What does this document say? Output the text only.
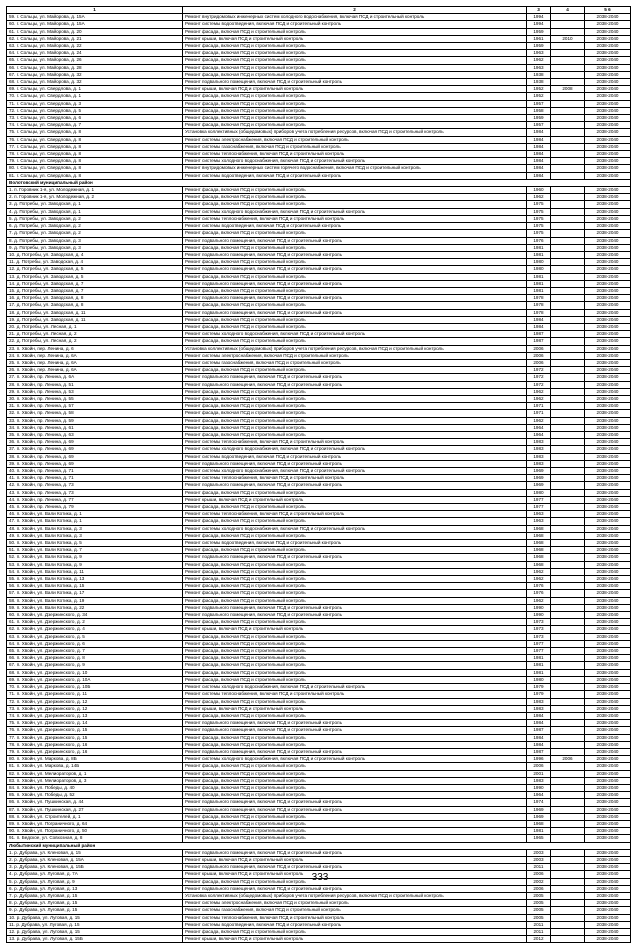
1	2	3	4	5 6
59. г. Сольцы, ул. Майорова, д. 15А	Ремонт внутридомовых инженерных систем холодного водоснабжения, включая ПСД и строительный контроль	1994		2038-2040
60. г. Сольцы, ул. Майорова, д. 15А	Ремонт системы водоотведения, включая ПСД и строительный контроль	1994		2038-2040
61. г. Сольцы, ул. Майорова, д. 20	Ремонт фасада, включая ПСД и строительный контроль	1959		2038-2040
62. г. Сольцы, ул. Майорова, д. 21	Ремонт крыши, включая ПСД и строительный контроль	1961	2010	2038-2040
63. г. Сольцы, ул. Майорова, д. 22	Ремонт фасада, включая ПСД и строительный контроль	1959		2038-2040
64. г. Сольцы, ул. Майорова, д. 24	Ремонт фасада, включая ПСД и строительный контроль	1963		2038-2040
65. г. Сольцы, ул. Майорова, д. 26	Ремонт фасада, включая ПСД и строительный контроль	1962		2038-2040
66. г. Сольцы, ул. Майорова, д. 28	Ремонт фасада, включая ПСД и строительный контроль	1963		2038-2040
67. г. Сольцы, ул. Майорова, д. 32	Ремонт фасада, включая ПСД и строительный контроль	1938		2038-2040
68. г. Сольцы, ул. Майорова, д. 32	Ремонт подвального помещения, включая ПСД и строительный контроль	1938		2038-2040
69. г. Сольцы, ул. Свердлова, д. 1	Ремонт крыши, включая ПСД и строительный контроль	1952	2008	2038-2040
70. г. Сольцы, ул. Свердлова, д. 1	Ремонт фасада, включая ПСД и строительный контроль	1952		2038-2040
71. г. Сольцы, ул. Свердлова, д. 3	Ремонт фасада, включая ПСД и строительный контроль	1957		2038-2040
72. г. Сольцы, ул. Свердлова, д. 5	Ремонт фасада, включая ПСД и строительный контроль	1958		2038-2040
73. г. Сольцы, ул. Свердлова, д. 6	Ремонт фасада, включая ПСД и строительный контроль	1959		2038-2040
74. г. Сольцы, ул. Свердлова, д. 7	Ремонт фасада, включая ПСД и строительный контроль	1957		2038-2040
75. г. Сольцы, ул. Свердлова, д. 8	Установка коллективных (общедомовых) приборов учета потребления ресурсов, включая ПСД и строительный контроль	1984		2038-2040
76. г. Сольцы, ул. Свердлова, д. 8	Ремонт системы электроснабжения, включая ПСД и строительный контроль	1984		2038-2040
77. г. Сольцы, ул. Свердлова, д. 8	Ремонт системы газоснабжения, включая ПСД и строительный контроль	1984		2038-2040
78. г. Сольцы, ул. Свердлова, д. 8	Ремонт системы теплоснабжения, включая ПСД и строительный контроль	1984		2038-2040
79. г. Сольцы, ул. Свердлова, д. 8	Ремонт системы холодного водоснабжения, включая ПСД и строительный контроль	1984		2038-2040
80. г. Сольцы, ул. Свердлова, д. 8	Ремонт внутридомовых инженерных систем горячего водоснабжения, включая ПСД и строительный контроль	1984		2038-2040
81. г. Сольцы, ул. Свердлова, д. 8	Ремонт системы водоотведения, включая ПСД и строительный контроль	1984		2038-2040
Волотовский муниципальный район				
1. п. Горовник 1-я, ул. Молодежная, д. 1	Ремонт фасада, включая ПСД и строительный контроль	1960		2038-2040
2. п. Горовник 1-я, ул. Молодежная, д. 2	Ремонт фасада, включая ПСД и строительный контроль	1962		2038-2040
3. д. Потребы, ул. Заводская, д. 1	Ремонт фасада, включая ПСД и строительный контроль	1975		2038-2040
4. д. Потребы, ул. Заводская, д. 1	Ремонт системы холодного водоснабжения, включая ПСД и строительный контроль	1975		2038-2040
5. д. Потребы, ул. Заводская, д. 2	Ремонт системы теплоснабжения, включая ПСД и строительный контроль	1975		2038-2040
6. д. Потребы, ул. Заводская, д. 2	Ремонт системы водоотведения, включая ПСД и строительный контроль	1975		2038-2040
7. д. Потребы, ул. Заводская, д. 2	Ремонт фасада, включая ПСД и строительный контроль	1975		2038-2040
8. д. Потребы, ул. Заводская, д. 3	Ремонт подвального помещения, включая ПСД и строительный контроль	1976		2038-2040
9. д. Потребы, ул. Заводская, д. 3	Ремонт фасада, включая ПСД и строительный контроль	1981		2038-2040
10. д. Потребы, ул. Заводская, д. 4	Ремонт подвального помещения, включая ПСД и строительный контроль	1981		2038-2040
11. д. Потребы, ул. Заводская, д. 4	Ремонт фасада, включая ПСД и строительный контроль	1980		2038-2040
12. д. Потребы, ул. Заводская, д. 5	Ремонт подвального помещения, включая ПСД и строительный контроль	1980		2038-2040
13. д. Потребы, ул. Заводская, д. 5	Ремонт фасада, включая ПСД и строительный контроль	1981		2038-2040
14. д. Потребы, ул. Заводская, д. 7	Ремонт подвального помещения, включая ПСД и строительный контроль	1981		2038-2040
15. д. Потребы, ул. Заводская, д. 7	Ремонт фасада, включая ПСД и строительный контроль	1981		2038-2040
16. д. Потребы, ул. Заводская, д. 8	Ремонт подвального помещения, включая ПСД и строительный контроль	1978		2038-2040
17. д. Потребы, ул. Заводская, д. 8	Ремонт фасада, включая ПСД и строительный контроль	1978		2038-2040
18. д. Потребы, ул. Заводская, д. 11	Ремонт подвального помещения, включая ПСД и строительный контроль	1978		2038-2040
19. д. Потребы, ул. Заводская, д. 11	Ремонт фасада, включая ПСД и строительный контроль	1984		2038-2040
20. д. Потребы, ул. Лесная, д. 1	Ремонт фасада, включая ПСД и строительный контроль	1984		2038-2040
21. д. Потребы, ул. Лесная, д. 2	Ремонт системы холодного водоснабжения, включая ПСД и строительный контроль	1987		2038-2040
22. д. Потребы, ул. Лесная, д. 2	Ремонт фасада, включая ПСД и строительный контроль	1987		2038-2040
23. п. Хвойн, пер. Ленина, д. 6	Установка коллективных (общедомовых) приборов учета потребления ресурсов, включая ПСД и строительный контроль	2006		2038-2040
24. п. Хвойн, пер. Ленина, д. 6А	Ремонт системы электроснабжения, включая ПСД и строительный контроль	2006		2038-2040
25. п. Хвойн, пер. Ленина, д. 6А	Ремонт системы газоснабжения, включая ПСД и строительный контроль	2006		2038-2040
26. п. Хвойн, пер. Ленина, д. 6А	Ремонт фасада, включая ПСД и строительный контроль	1972		2038-2040
27. п. Хвойн, пр. Ленина, д. 6А	Ремонт подвального помещения, включая ПСД и строительный контроль	1972		2038-2040
28. п. Хвойн, пр. Ленина, д. 51	Ремонт подвального помещения, включая ПСД и строительный контроль	1972		2038-2040
29. п. Хвойн, пр. Ленина, д. 53	Ремонт фасада, включая ПСД и строительный контроль	1962		2038-2040
30. п. Хвойн, пр. Ленина, д. 55	Ремонт фасада, включая ПСД и строительный контроль	1962		2038-2040
31. п. Хвойн, пр. Ленина, д. 57	Ремонт фасада, включая ПСД и строительный контроль	1971		2038-2040
32. п. Хвойн, пр. Ленина, д. 58	Ремонт фасада, включая ПСД и строительный контроль	1971		2038-2040
33. п. Хвойн, пр. Ленина, д. 59	Ремонт фасада, включая ПСД и строительный контроль	1962		2038-2040
34. п. Хвойн, пр. Ленина, д. 61	Ремонт фасада, включая ПСД и строительный контроль	1964		2038-2040
35. п. Хвойн, пр. Ленина, д. 63	Ремонт фасада, включая ПСД и строительный контроль	1964		2038-2040
36. п. Хвойн, пр. Ленина, д. 69	Ремонт системы теплоснабжения, включая ПСД и строительный контроль	1983		2038-2040
37. п. Хвойн, пр. Ленина, д. 69	Ремонт системы холодного водоснабжения, включая ПСД и строительный контроль	1983		2038-2040
38. п. Хвойн, пр. Ленина, д. 69	Ремонт системы водоотведения, включая ПСД и строительный контроль	1983		2038-2040
39. п. Хвойн, пр. Ленина, д. 69	Ремонт подвального помещения, включая ПСД и строительный контроль	1983		2038-2040
40. п. Хвойн, пр. Ленина, д. 71	Ремонт системы холодного водоснабжения, включая ПСД и строительный контроль	1969		2038-2040
41. п. Хвойн, пр. Ленина, д. 71	Ремонт системы теплоснабжения, включая ПСД и строительный контроль	1969		2038-2040
42. п. Хвойн, пр. Ленина, д. 73	Ремонт подвального помещения, включая ПСД и строительный контроль	1969		2038-2040
43. п. Хвойн, пр. Ленина, д. 73	Ремонт фасада, включая ПСД и строительный контроль	1980		2038-2040
44. п. Хвойн, пр. Ленина, д. 77	Ремонт крыши, включая ПСД и строительный контроль	1977		2038-2040
45. п. Хвойн, пр. Ленина, д. 79	Ремонт фасада, включая ПСД и строительный контроль	1977		2038-2040
46. п. Хвойн, ул. Вали Котика, д. 1	Ремонт системы теплоснабжения, включая ПСД и строительный контроль	1963		2038-2040
47. п. Хвойн, ул. Вали Котика, д. 1	Ремонт фасада, включая ПСД и строительный контроль	1963		2038-2040
48. п. Хвойн, ул. Вали Котика, д. 3	Ремонт системы холодного водоснабжения, включая ПСД и строительный контроль	1968		2038-2040
49. п. Хвойн, ул. Вали Котика, д. 3	Ремонт фасада, включая ПСД и строительный контроль	1968		2038-2040
50. п. Хвойн, ул. Вали Котика, д. 5	Ремонт системы водоотведения, включая ПСД и строительный контроль	1968		2038-2040
51. п. Хвойн, ул. Вали Котика, д. 7	Ремонт фасада, включая ПСД и строительный контроль	1968		2038-2040
52. п. Хвойн, ул. Вали Котика, д. 9	Ремонт подвального помещения, включая ПСД и строительный контроль	1968		2038-2040
53. п. Хвойн, ул. Вали Котика, д. 9	Ремонт фасада, включая ПСД и строительный контроль	1968		2038-2040
54. п. Хвойн, ул. Вали Котика, д. 11	Ремонт фасада, включая ПСД и строительный контроль	1962		2038-2040
55. п. Хвойн, ул. Вали Котика, д. 13	Ремонт фасада, включая ПСД и строительный контроль	1962		2038-2040
56. п. Хвойн, ул. Вали Котика, д. 15	Ремонт фасада, включая ПСД и строительный контроль	1976		2038-2040
57. п. Хвойн, ул. Вали Котика, д. 17	Ремонт фасада, включая ПСД и строительный контроль	1976		2038-2040
58. п. Хвойн, ул. Вали Котика, д. 19	Ремонт фасада, включая ПСД и строительный контроль	1962		2038-2040
59. п. Хвойн, ул. Вали Котика, д. 22	Ремонт подвального помещения, включая ПСД и строительный контроль	1990		2038-2040
60. п. Хвойн, ул. Дзержинского, д. 34	Ремонт подвального помещения, включая ПСД и строительный контроль	1990		2038-2040
61. п. Хвойн, ул. Дзержинского, д. 2	Ремонт фасада, включая ПСД и строительный контроль	1973		2038-2040
62. п. Хвойн, ул. Дзержинского, д. 4	Ремонт крыши, включая ПСД и строительный контроль	1973		2038-2040
63. п. Хвойн, ул. Дзержинского, д. 5	Ремонт фасада, включая ПСД и строительный контроль	1973		2038-2040
64. п. Хвойн, ул. Дзержинского, д. 6	Ремонт фасада, включая ПСД и строительный контроль	1977		2038-2040
65. п. Хвойн, ул. Дзержинского, д. 7	Ремонт фасада, включая ПСД и строительный контроль	1977		2038-2040
66. п. Хвойн, ул. Дзержинского, д. 8	Ремонт фасада, включая ПСД и строительный контроль	1981		2038-2040
67. п. Хвойн, ул. Дзержинского, д. 9	Ремонт фасада, включая ПСД и строительный контроль	1981		2038-2040
68. п. Хвойн, ул. Дзержинского, д. 10	Ремонт фасада, включая ПСД и строительный контроль	1981		2038-2040
69. п. Хвойн, ул. Дзержинского, д. 10А	Ремонт фасада, включая ПСД и строительный контроль	1980		2038-2040
70. п. Хвойн, ул. Дзержинского, д. 10Б	Ремонт системы холодного водоснабжения, включая ПСД и строительный контроль	1979		2038-2040
71. п. Хвойн, ул. Дзержинского, д. 11	Ремонт системы теплоснабжения, включая ПСД и строительный контроль	1979		2038-2040
72. п. Хвойн, ул. Дзержинского, д. 12	Ремонт фасада, включая ПСД и строительный контроль	1983		2038-2040
73. п. Хвойн, ул. Дзержинского, д. 12	Ремонт крыши, включая ПСД и строительный контроль	1983		2038-2040
74. п. Хвойн, ул. Дзержинского, д. 13	Ремонт фасада, включая ПСД и строительный контроль	1984		2038-2040
75. п. Хвойн, ул. Дзержинского, д. 14	Ремонт подвального помещения, включая ПСД и строительный контроль	1984		2038-2040
76. п. Хвойн, ул. Дзержинского, д. 15	Ремонт подвального помещения, включая ПСД и строительный контроль	1987		2038-2040
77. п. Хвойн, ул. Дзержинского, д. 15	Ремонт фасада, включая ПСД и строительный контроль	1984		2038-2040
78. п. Хвойн, ул. Дзержинского, д. 16	Ремонт фасада, включая ПСД и строительный контроль	1984		2038-2040
79. п. Хвойн, ул. Дзержинского, д. 16	Ремонт подвального помещения, включая ПСД и строительный контроль	1987		2038-2040
80. п. Хвойн, ул. Маркова, д. 8Б	Ремонт системы холодного водоснабжения, включая ПСД и строительный контроль	1996	2006	2038-2040
81. п. Хвойн, ул. Маркова, д. 14Б	Ремонт фасада, включая ПСД и строительный контроль	2006		2038-2040
82. п. Хвойн, ул. Мелиораторов, д. 1	Ремонт фасада, включая ПСД и строительный контроль	2001		2038-2040
83. п. Хвойн, ул. Мелиораторов, д. 3	Ремонт фасада, включая ПСД и строительный контроль	1983		2038-2040
84. п. Хвойн, ул. Победы, д. 40	Ремонт фасада, включая ПСД и строительный контроль	1990		2038-2040
85. п. Хвойн, ул. Победы, д. 52	Ремонт фасада, включая ПСД и строительный контроль	1964		2038-2040
86. п. Хвойн, ул. Пушкинская, д. 44	Ремонт подвального помещения, включая ПСД и строительный контроль	1974		2038-2040
87. п. Хвойн, ул. Пушкинская, д. 27	Ремонт подвального помещения, включая ПСД и строительный контроль	1969		2038-2040
88. п. Хвойн, ул. Строителей, д. 1	Ремонт фасада, включая ПСД и строительный контроль	1969		2038-2040
89. п. Хвойн, ул. Пограничного, д. 64	Ремонт фасада, включая ПСД и строительный контроль	1968		2038-2040
90. п. Хвойн, ул. Пограничного, д. 50	Ремонт фасада, включая ПСД и строительный контроль	1981		2038-2040
91. п. Бедское, ул. Совхозная, д. 8	Ремонт фасада, включая ПСД и строительный контроль	1965		2038-2040
Любытинский муниципальный район				
1. р. Дубрава, ул. Кленовая, д. 15	Ремонт подвального помещения, включая ПСД и строительный контроль	2003		2038-2040
2. р. Дубрава, ул. Кленовая, д. 15А	Ремонт крыши, включая ПСД и строительный контроль	2003		2038-2040
3. р. Дубрава, ул. Кленовая, д. 15Б	Ремонт подвального помещения, включая ПСД и строительный контроль	2011		2038-2040
4. р. Дубрава, ул. Луговая, д. 7А	Ремонт крыши, включая ПСД и строительный контроль	2006		2038-2040
5. р. Дубрава, ул. Луговая, д. 9	Ремонт фасада, включая ПСД и строительный контроль	2002		2038-2040
6. р. Дубрава, ул. Луговая, д. 13	Ремонт подвального помещения, включая ПСД и строительный контроль	2006		2038-2040
7. р. Дубрава, ул. Луговая, д. 15	Установка коллективных (общедомовых) приборов учета потребления ресурсов, включая ПСД и строительный контроль	2005		2038-2040
8. р. Дубрава, ул. Луговая, д. 15	Ремонт системы электроснабжения, включая ПСД и строительный контроль	2005		2038-2040
9. р. Дубрава, ул. Луговая, д. 15	Ремонт системы газоснабжения, включая ПСД и строительный контроль	2005		2038-2040
10. р. Дубрава, ул. Луговая, д. 15	Ремонт системы теплоснабжения, включая ПСД и строительный контроль	2005		2038-2040
11. р. Дубрава, ул. Луговая, д. 15	Ремонт системы водоотведения, включая ПСД и строительный контроль	2011		2038-2040
12. р. Дубрава, ул. Луговая, д. 15	Ремонт фасада, включая ПСД и строительный контроль	2011		2038-2040
13. р. Дубрава, ул. Луговая, д. 15Б	Ремонт крыши, включая ПСД и строительный контроль	2012		2038-2040
333
